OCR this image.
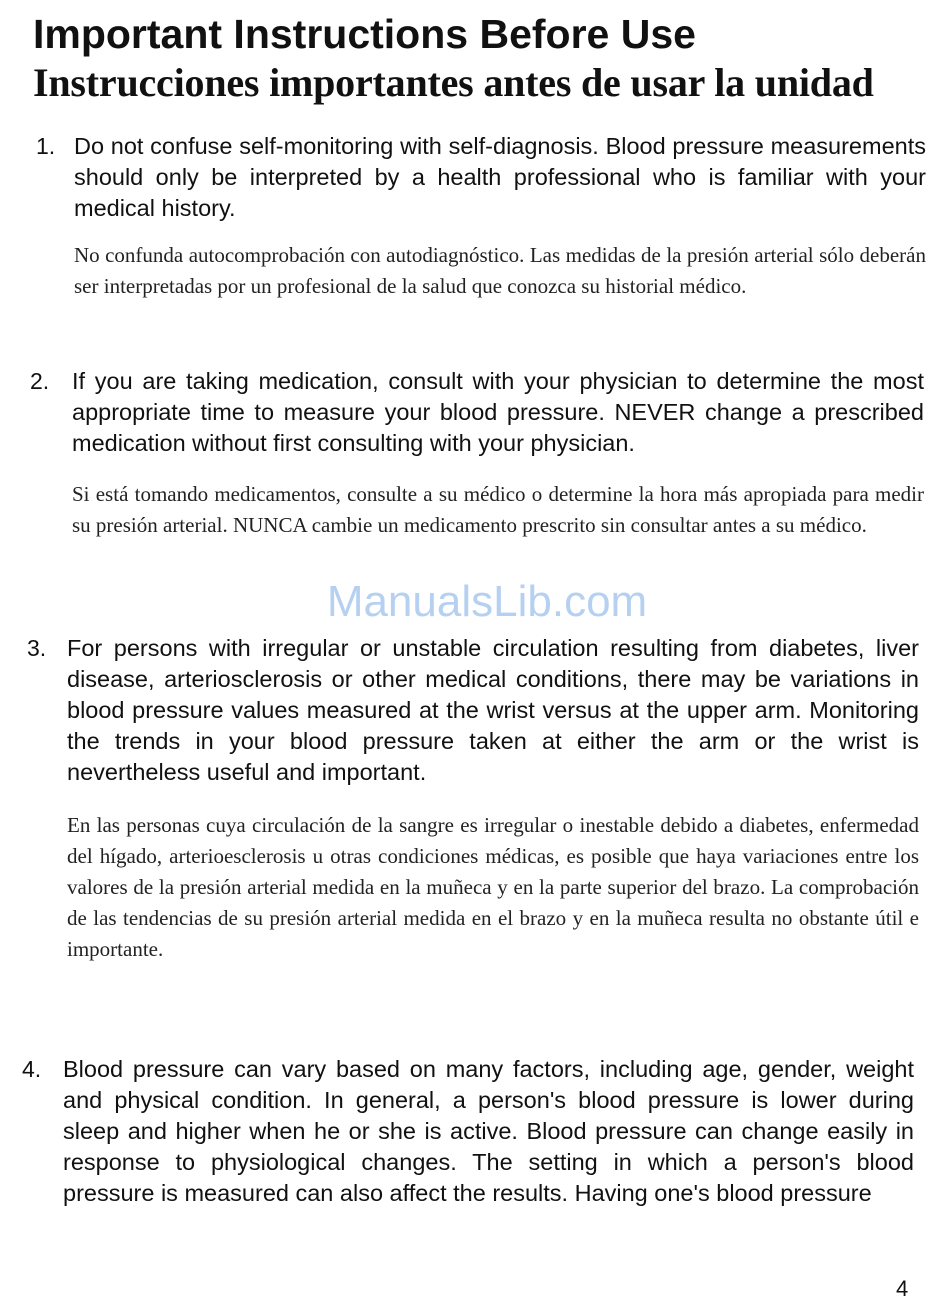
Important Instructions Before Use
Instrucciones importantes antes de usar la unidad
1. Do not confuse self-monitoring with self-diagnosis. Blood pressure measurements should only be interpreted by a health professional who is familiar with your medical history.

No confunda autocomprobación con autodiagnóstico. Las medidas de la presión arterial sólo deberán ser interpretadas por un profesional de la salud que conozca su historial médico.

2. If you are taking medication, consult with your physician to determine the most appropriate time to measure your blood pressure. NEVER change a prescribed medication without first consulting with your physician.

Si está tomando medicamentos, consulte a su médico o determine la hora más apropiada para medir su presión arterial. NUNCA cambie un medicamento prescrito sin consultar antes a su médico.

3. For persons with irregular or unstable circulation resulting from diabetes, liver disease, arteriosclerosis or other medical conditions, there may be variations in blood pressure values measured at the wrist versus at the upper arm. Monitoring the trends in your blood pressure taken at either the arm or the wrist is nevertheless useful and important.

En las personas cuya circulación de la sangre es irregular o inestable debido a diabetes, enfermedad del hígado, arterioesclerosis u otras condiciones médicas, es posible que haya variaciones entre los valores de la presión arterial medida en la muñeca y en la parte superior del brazo. La comprobación de las tendencias de su presión arterial medida en el brazo y en la muñeca resulta no obstante útil e importante.

4. Blood pressure can vary based on many factors, including age, gender, weight and physical condition. In general, a person's blood pressure is lower during sleep and higher when he or she is active. Blood pressure can change easily in response to physiological changes. The setting in which a person's blood pressure is measured can also affect the results. Having one's blood pressure

ManualsLib.com
4
